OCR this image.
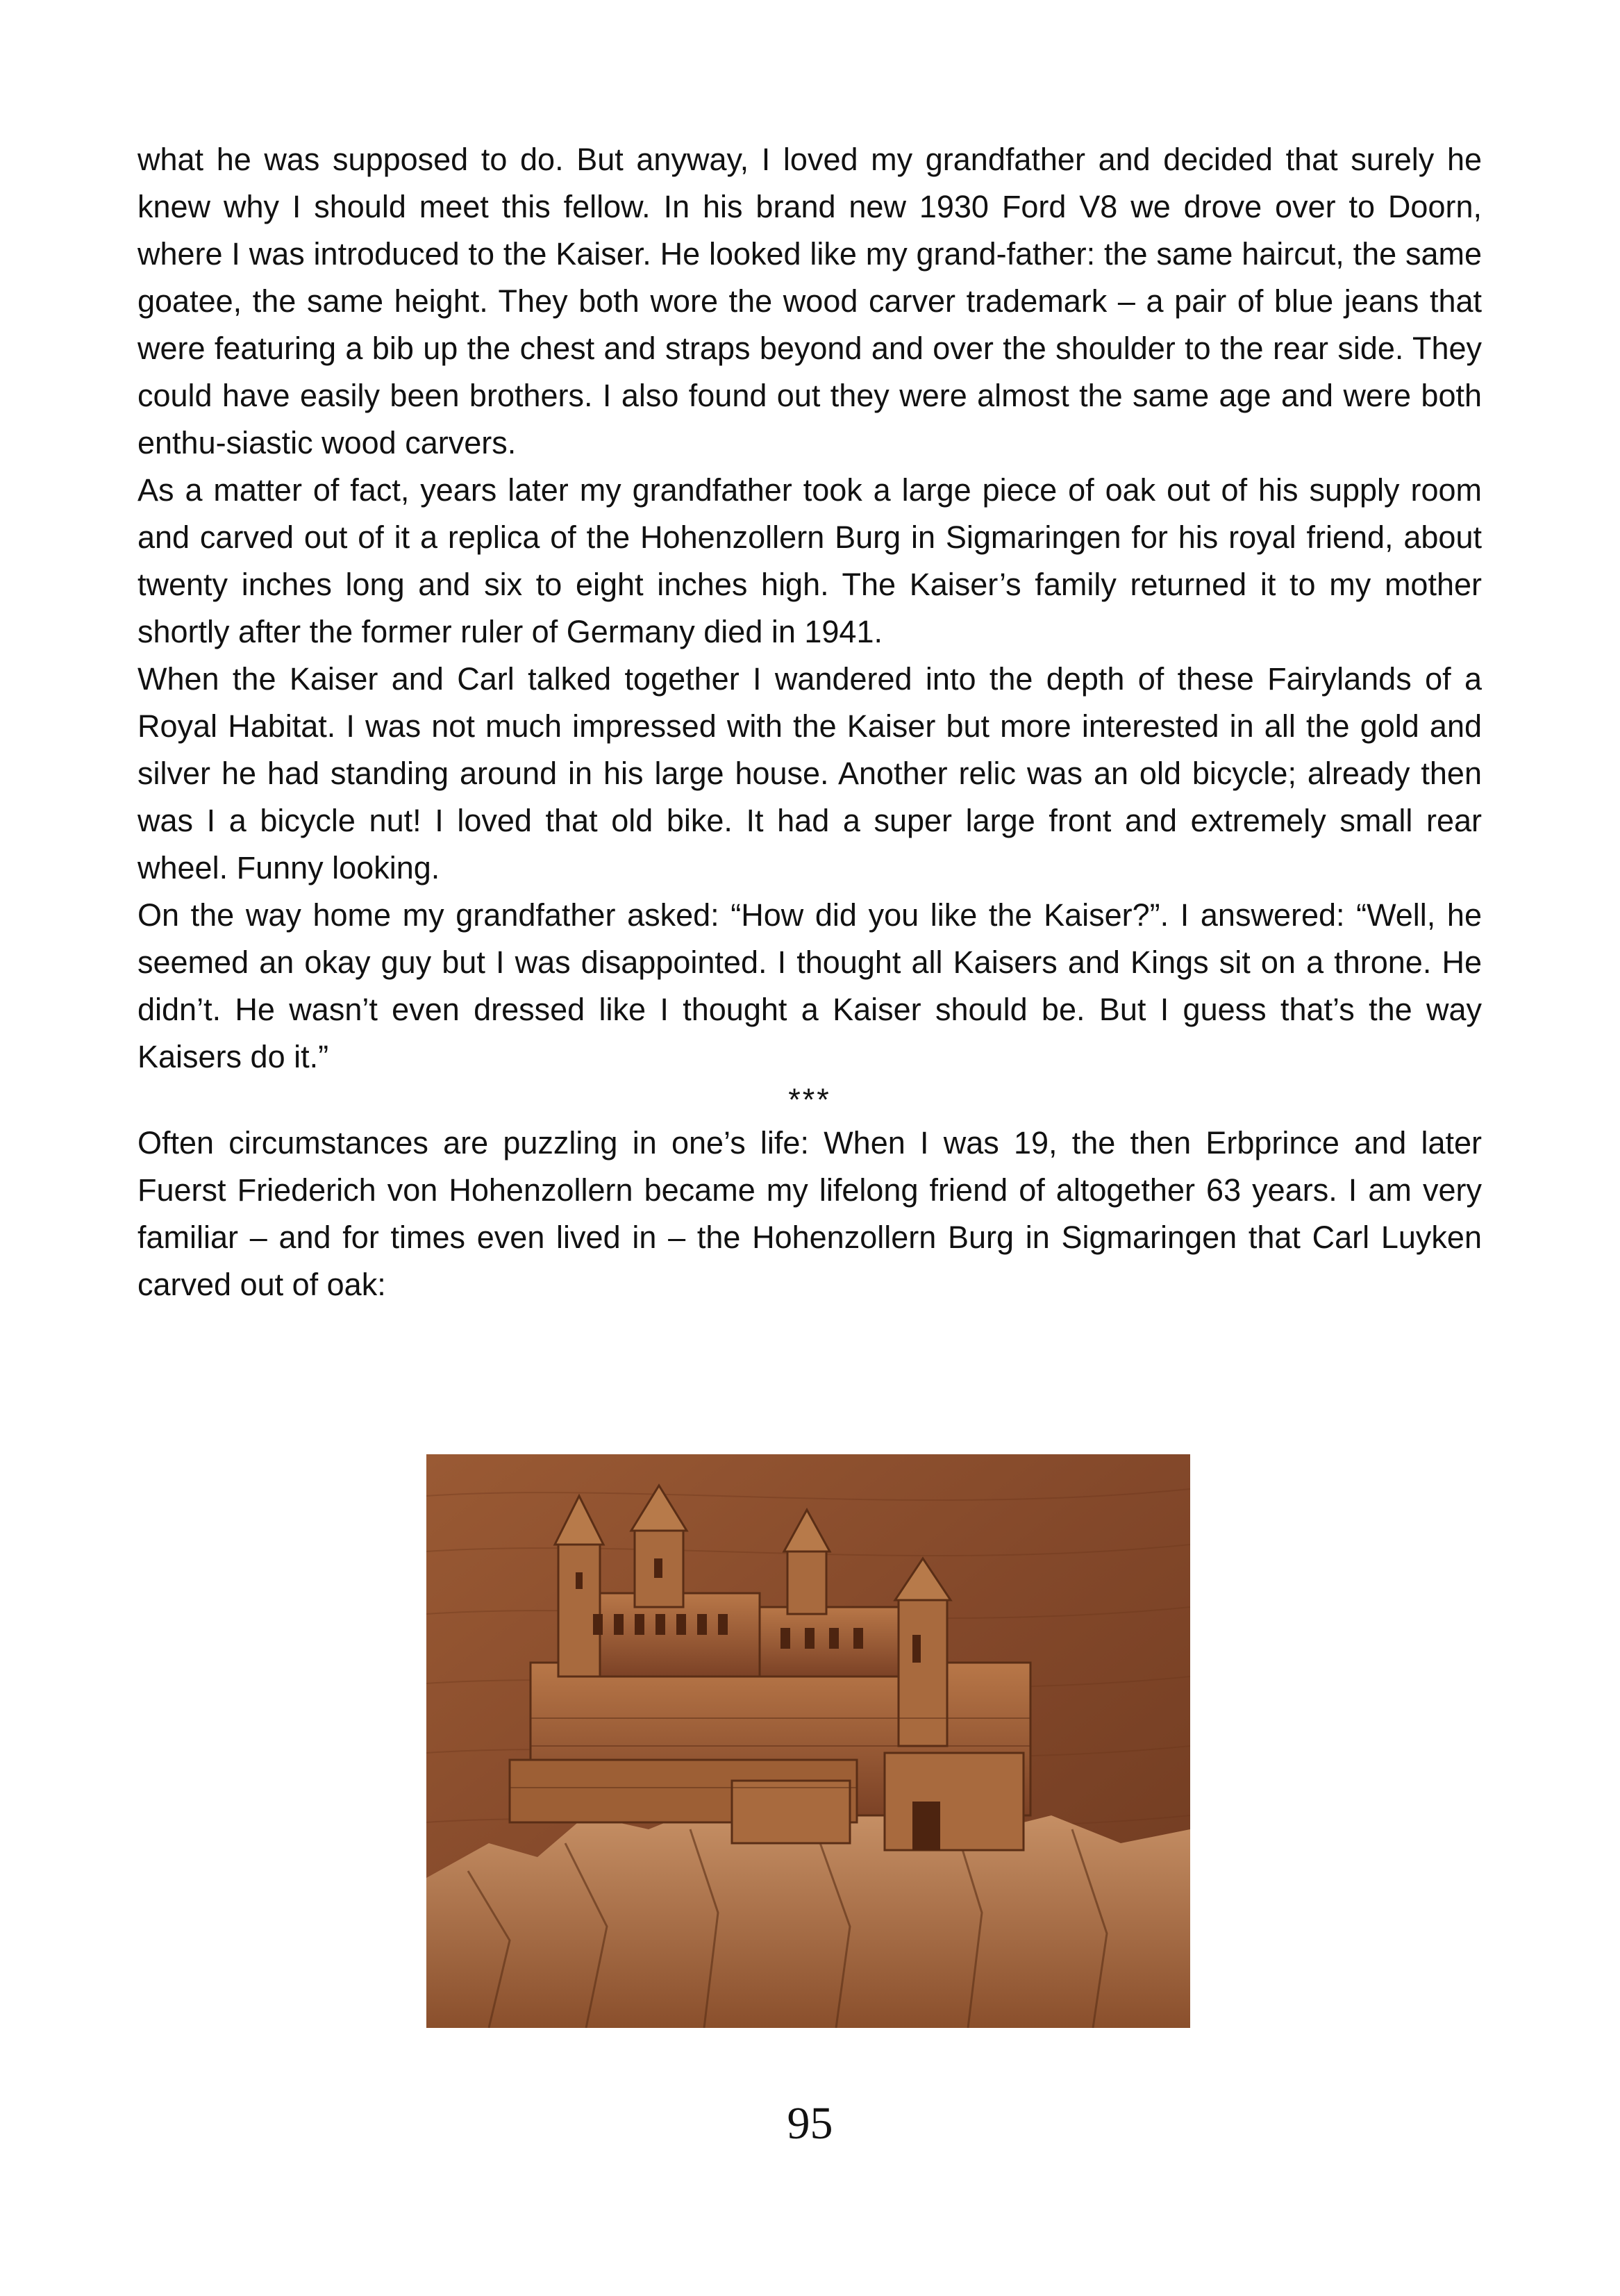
what he was supposed to do. But anyway, I loved my grandfather and decided that surely he knew why I should meet this fellow. In his brand new 1930 Ford V8 we drove over to Doorn, where I was introduced to the Kaiser. He looked like my grand-father: the same haircut, the same goatee, the same height. They both wore the wood carver trademark – a pair of blue jeans that were featuring a bib up the chest and straps beyond and over the shoulder to the rear side. They could have easily been brothers. I also found out they were almost the same age and were both enthu-siastic wood carvers.

As a matter of fact, years later my grandfather took a large piece of oak out of his supply room and carved out of it a replica of the Hohenzollern Burg in Sigmaringen for his royal friend, about twenty inches long and six to eight inches high. The Kaiser’s family returned it to my mother shortly after the former ruler of Germany died in 1941.

When the Kaiser and Carl talked together I wandered into the depth of these Fairylands of a Royal Habitat. I was not much impressed with the Kaiser but more interested in all the gold and silver he had standing around in his large house. Another relic was an old bicycle; already then was I a bicycle nut! I loved that old bike. It had a super large front and extremely small rear wheel. Funny looking.

On the way home my grandfather asked: “How did you like the Kaiser?”. I answered: “Well, he seemed an okay guy but I was disappointed. I thought all Kaisers and Kings sit on a throne. He didn’t. He wasn’t even dressed like I thought a Kaiser should be. But I guess that’s the way Kaisers do it.”

***

Often circumstances are puzzling in one’s life: When I was 19, the then Erbprince and later Fuerst Friederich von Hohenzollern became my lifelong friend of altogether 63 years. I am very familiar – and for times even lived in – the Hohenzollern Burg in Sigmaringen that Carl Luyken carved out of oak:

95
